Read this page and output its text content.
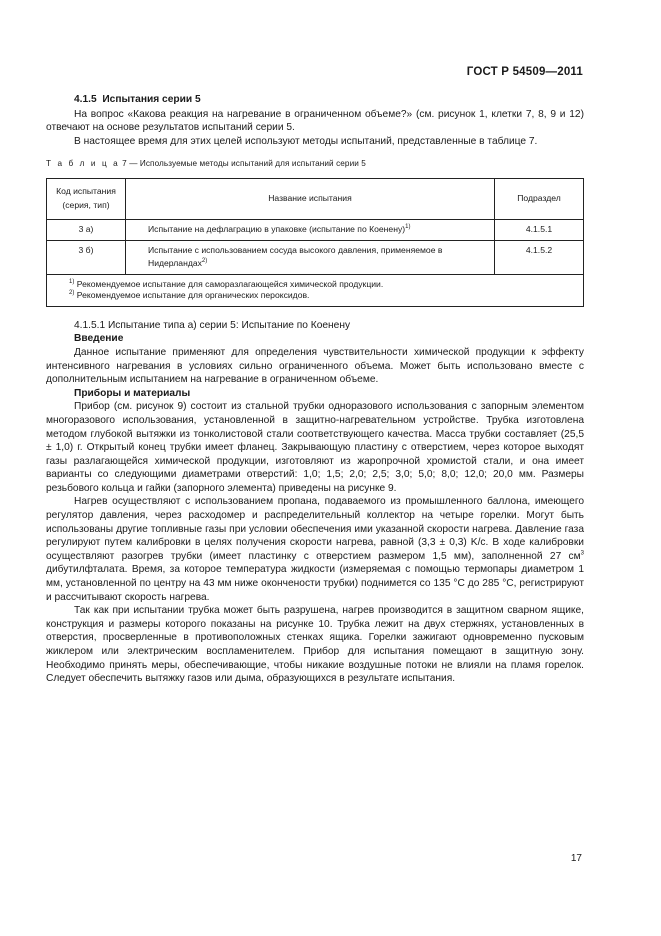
ГОСТ Р 54509—2011
4.1.5 Испытания серии 5

На вопрос «Какова реакция на нагревание в ограниченном объеме?» (см. рисунок 1, клетки 7, 8, 9 и 12) отвечают на основе результатов испытаний серии 5.

В настоящее время для этих целей используют методы испытаний, представленные в таблице 7.

Т а б л и ц а 7 — Используемые методы испытаний для испытаний серии 5
Код испытания (серия, тип)	Название испытания	Подраздел
3 а)	Испытание на дефлаграцию в упаковке (испытание по Коенену)$^{1)}$	4.1.5.1
3 б)	Испытание с использованием сосуда высокого давления, применяемое в Нидерландах$^{2)}$	4.1.5.2

$^{1)}$ Рекомендуемое испытание для саморазлагающейся химической продукции.
$^{2)}$ Рекомендуемое испытание для органических пероксидов.		

4.1.5.1 Испытание типа а) серии 5: Испытание по Коенену

Введение

Данное испытание применяют для определения чувствительности химической продукции к эффекту интенсивного нагревания в условиях сильно ограниченного объема. Может быть использовано вместе с дополнительным испытанием на нагревание в ограниченном объеме.

Приборы и материалы

Прибор (см. рисунок 9) состоит из стальной трубки одноразового использования с запорным элементом многоразового использования, установленной в защитно-нагревательном устройстве. Трубка изготовлена методом глубокой вытяжки из тонколистовой стали соответствующего качества. Масса трубки составляет (25,5 ± 1,0) г. Открытый конец трубки имеет фланец. Закрывающую пластину с отверстием, через которое выходят газы разлагающейся химической продукции, изготовляют из жаропрочной хромистой стали, и она имеет варианты со следующими диаметрами отверстий: 1,0; 1,5; 2,0; 2,5; 3,0; 5,0; 8,0; 12,0; 20,0 мм. Размеры резьбового кольца и гайки (запорного элемента) приведены на рисунке 9.

Нагрев осуществляют с использованием пропана, подаваемого из промышленного баллона, имеющего регулятор давления, через расходомер и распределительный коллектор на четыре горелки. Могут быть использованы другие топливные газы при условии обеспечения ими указанной скорости нагрева. Давление газа регулируют путем калибровки в целях получения скорости нагрева, равной (3,3 ± 0,3) K/c. В ходе калибровки осуществляют разогрев трубки (имеет пластинку с отверстием размером 1,5 мм), заполненной 27 $см^3$ дибутилфталата. Время, за которое температура жидкости (измеряемая с помощью термопары диаметром 1 мм, установленной по центру на 43 мм ниже окончености трубки) поднимется со 135 °C до 285 °C, регистрируют и рассчитывают скорость нагрева.

Так как при испытании трубка может быть разрушена, нагрев производится в защитном сварном ящике, конструкция и размеры которого показаны на рисунке 10. Трубка лежит на двух стержнях, установленных в отверстия, просверленные в противоположных стенках ящика. Горелки зажигают одновременно пусковым жиклером или электрическим воспламенителем. Прибор для испытания помещают в защитную зону. Необходимо принять меры, обеспечивающие, чтобы никакие воздушные потоки не влияли на пламя горелок. Следует обеспечить вытяжку газов или дыма, образующихся в результате испытания.

17
